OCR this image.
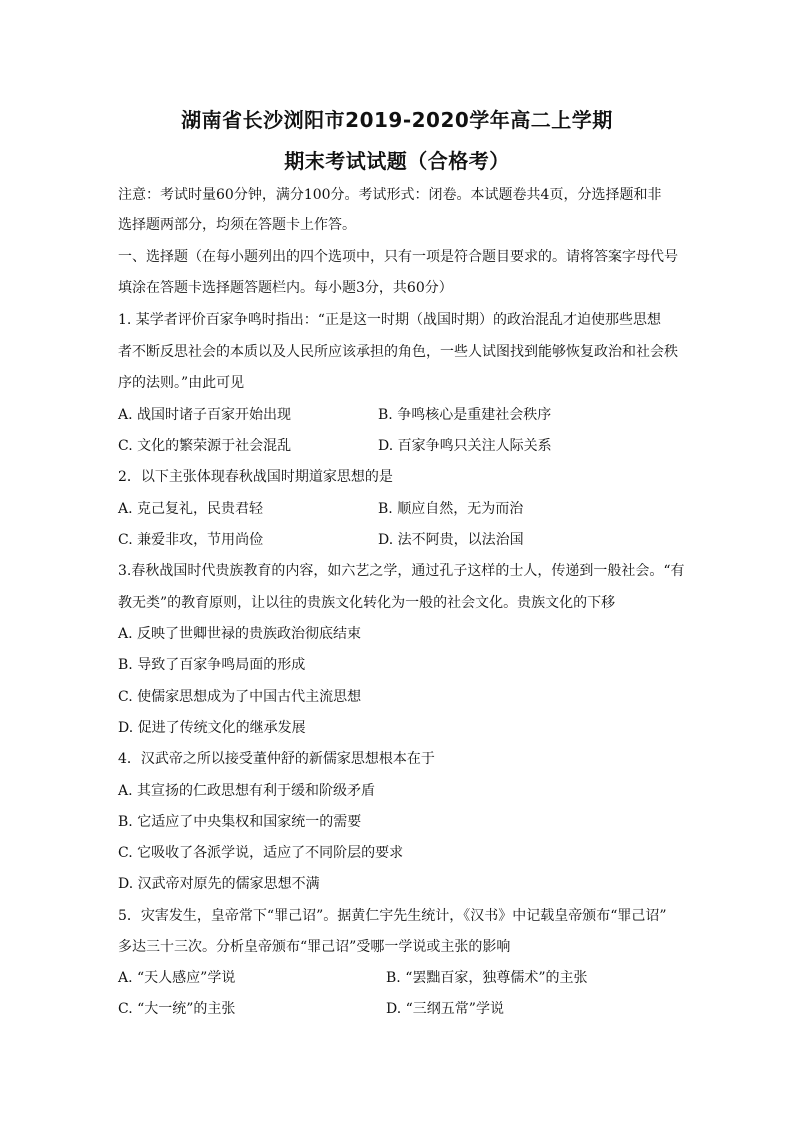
湖南省长沙浏阳市2019-2020学年高二上学期
期末考试试题（合格考）
注意：考试时量60分钟，满分100分。考试形式：闭卷。本试题卷共4页，分选择题和非
选择题两部分，均须在答题卡上作答。
一、选择题（在每小题列出的四个选项中，只有一项是符合题目要求的。请将答案字母代号
填涂在答题卡选择题答题栏内。每小题3分，共60分）
1. 某学者评价百家争鸣时指出：“正是这一时期（战国时期）的政治混乱才迫使那些思想
者不断反思社会的本质以及人民所应该承担的角色，一些人试图找到能够恢复政治和社会秩
序的法则。”由此可见
A. 战国时诸子百家开始出现	B. 争鸣核心是重建社会秩序
C. 文化的繁荣源于社会混乱	D. 百家争鸣只关注人际关系
2．以下主张体现春秋战国时期道家思想的是
A. 克己复礼，民贵君轻	B. 顺应自然，无为而治
C. 兼爱非攻，节用尚俭	D. 法不阿贵，以法治国
3.春秋战国时代贵族教育的内容，如六艺之学，通过孔子这样的士人，传递到一般社会。“有
教无类”的教育原则，让以往的贵族文化转化为一般的社会文化。贵族文化的下移
A. 反映了世卿世禄的贵族政治彻底结束
B. 导致了百家争鸣局面的形成
C. 使儒家思想成为了中国古代主流思想
D. 促进了传统文化的继承发展
4．汉武帝之所以接受董仲舒的新儒家思想根本在于
A. 其宣扬的仁政思想有利于缓和阶级矛盾
B. 它适应了中央集权和国家统一的需要
C. 它吸收了各派学说，适应了不同阶层的要求
D. 汉武帝对原先的儒家思想不满
5．灾害发生，皇帝常下“罪己诏”。据黄仁宇先生统计，《汉书》中记载皇帝颁布“罪己诏”
多达三十三次。分析皇帝颁布“罪己诏”受哪一学说或主张的影响
A. “天人感应”学说	B. “罢黜百家，独尊儒术”的主张
C. “大一统”的主张	D. “三纲五常”学说
